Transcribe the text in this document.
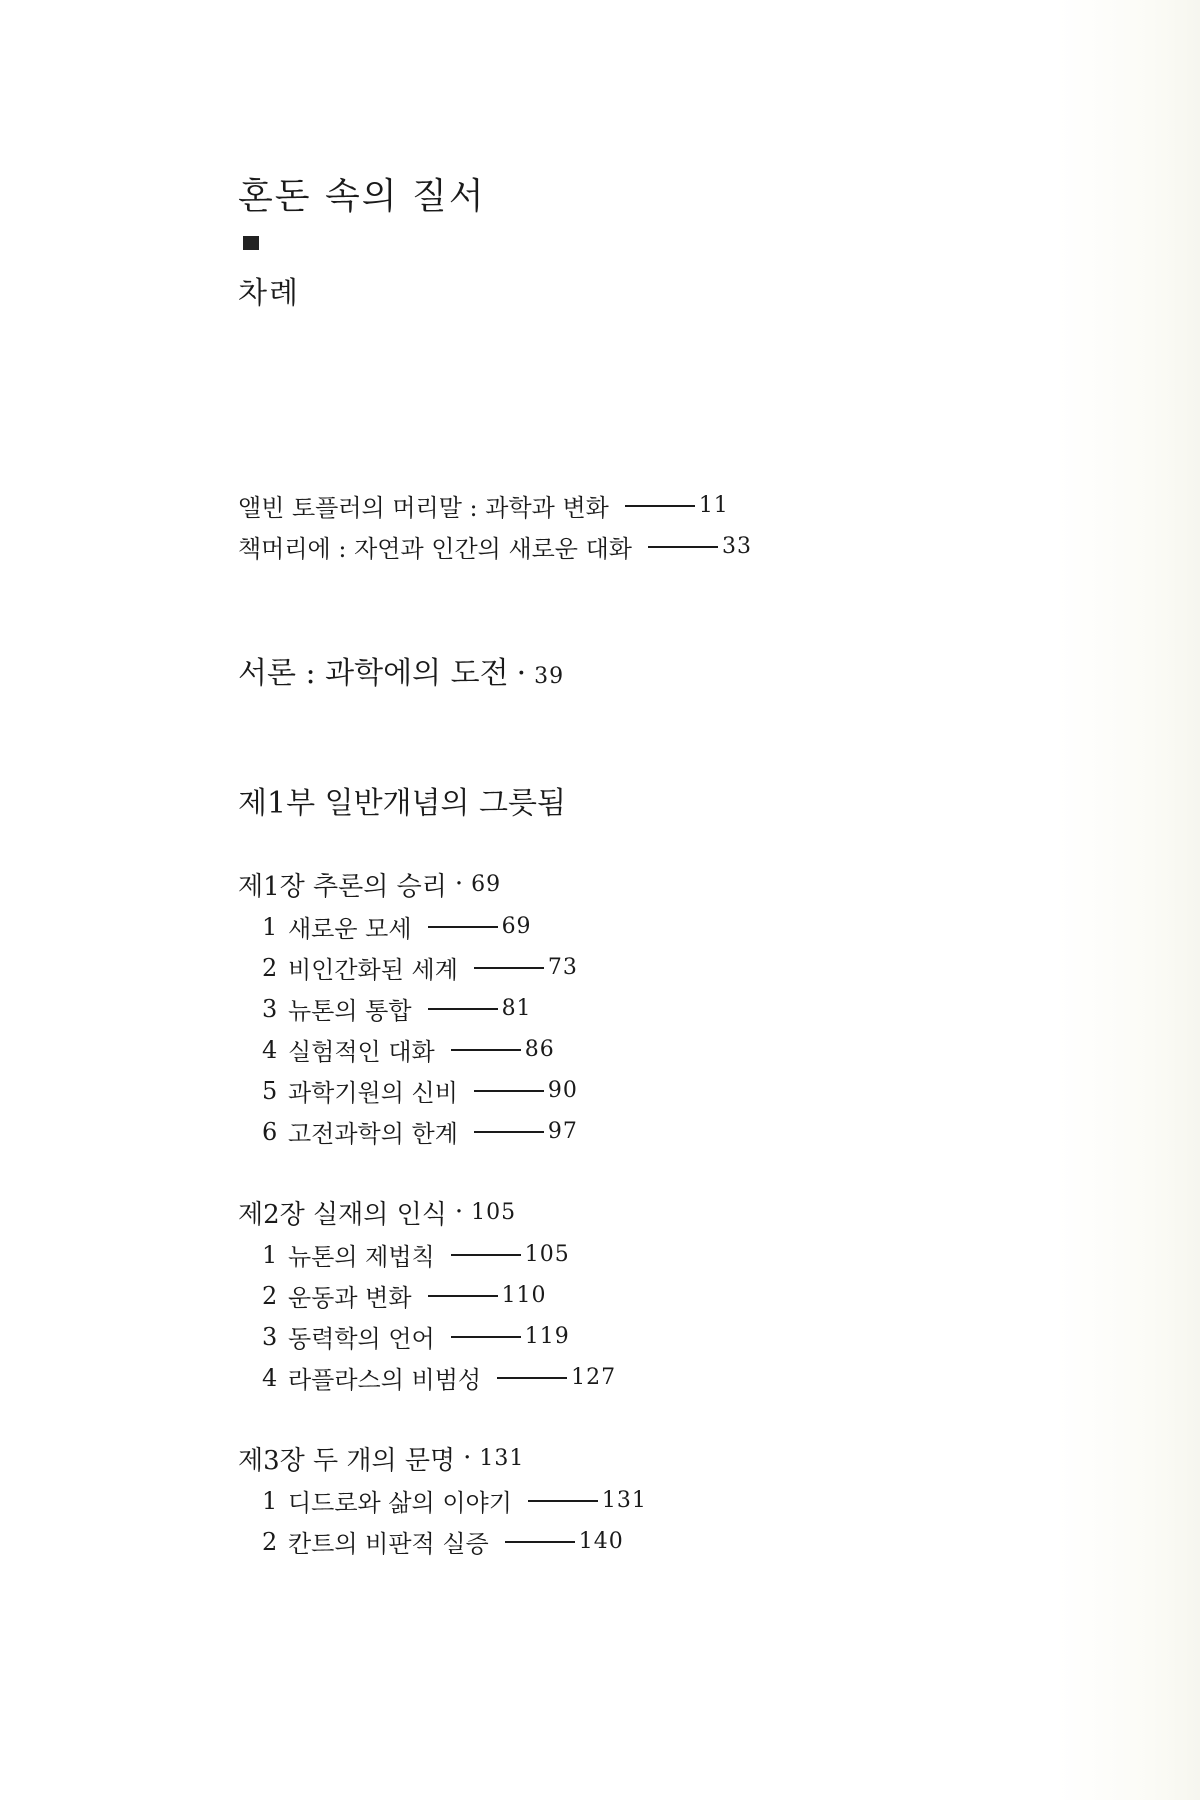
혼돈 속의 질서
차례
앨빈 토플러의 머리말 : 과학과 변화	11
책머리에 : 자연과 인간의 새로운 대화	33
서론 : 과학에의 도전 · 39
제1부 일반개념의 그릇됨
제1장 추론의 승리 · 69
1 새로운 모세	69
2 비인간화된 세계	73
3 뉴톤의 통합	81
4 실험적인 대화	86
5 과학기원의 신비	90
6 고전과학의 한계	97
제2장 실재의 인식 · 105
1 뉴톤의 제법칙	105
2 운동과 변화	110
3 동력학의 언어	119
4 라플라스의 비범성	127
제3장 두 개의 문명 · 131
1 디드로와 삶의 이야기	131
2 칸트의 비판적 실증	140
